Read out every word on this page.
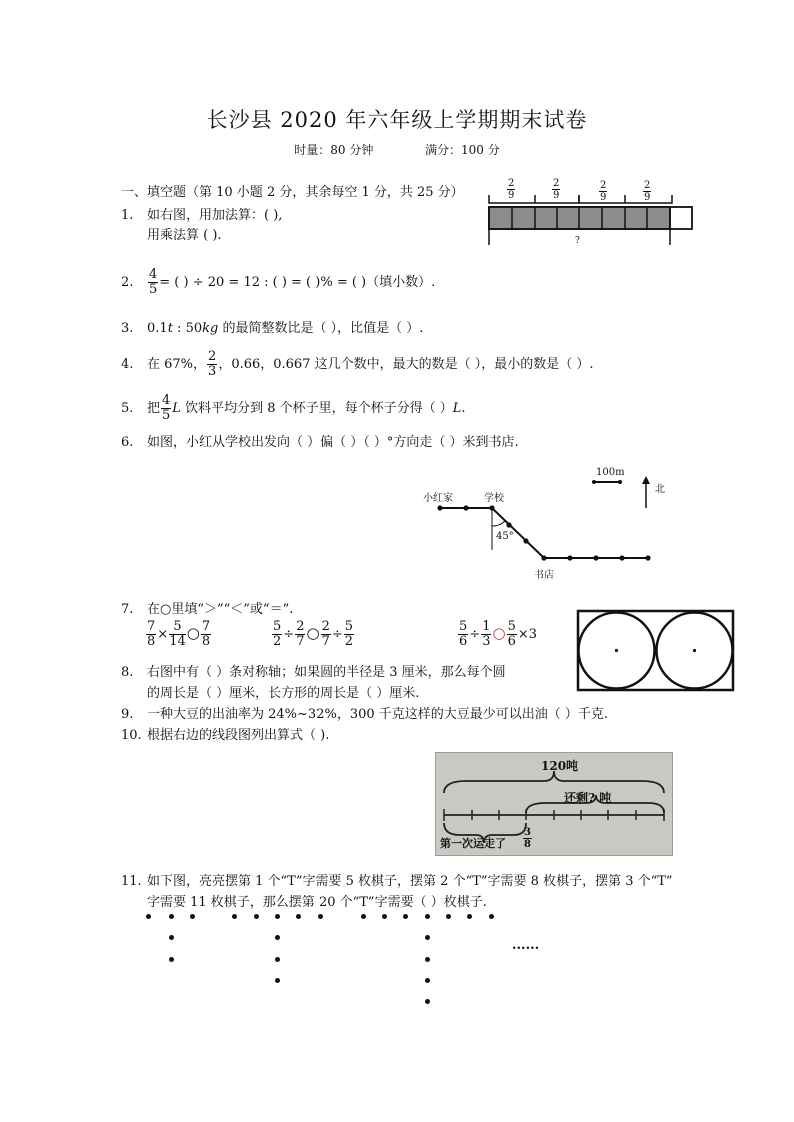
长沙县 2020 年六年级上学期期末试卷
时量：80 分钟	满分：100 分
一、填空题（第 10 小题 2 分，其余每空 1 分，共 25 分）
1. 如右图，用加法算：( ),
用乘法算 ( ).
$\frac{2}{9}$	$\frac{2}{9}$	$\frac{2}{9}$	$\frac{2}{9}$
?
2. $\frac{4}{5}$ = ( ) ÷ 20 = 12 : ( ) = ( )% = ( )（填小数）.
3. 0.1t : 50kg 的最简整数比是（ ），比值是（ ）.
4. 在 67%， $\frac{2}{3}$ ，0.66，0.667 这几个数中，最大的数是（ ），最小的数是（ ）.
5. 把 $\frac{4}{5}$ L 饮料平均分到 8 个杯子里，每个杯子分得（ ）L.
6. 如图，小红从学校出发向（ ）偏（ ）（ ）°方向走（ ）米到书店.
小红家	学校
书店
45°
100m
北
7. 在○里填“＞”“＜”或“＝”.
$\frac{7}{8} \times \frac{5}{14}$ ○ $\frac{7}{8}$	$\frac{5}{2} \div \frac{2}{7}$ ○ $\frac{2}{7} \div \frac{5}{2}$	$\frac{5}{6} \div \frac{1}{3}$ ○ $\frac{5}{6} \times 3$
8. 右图中有（ ）条对称轴；如果圆的半径是 3 厘米，那么每个圆
的周长是（ ）厘米，长方形的周长是（ ）厘米.
9. 一种大豆的出油率为 24%~32%，300 千克这样的大豆最少可以出油（ ）千克.
10. 根据右边的线段图列出算式（ ).
120吨
还剩? 吨
第一次运走了 $\frac{3}{8}$
11. 如下图，亮亮摆第 1 个“T”字需要 5 枚棋子，摆第 2 个“T”字需要 8 枚棋子，摆第 3 个“T”
字需要 11 枚棋子，那么摆第 20 个“T”字需要（ ）枚棋子.
......
